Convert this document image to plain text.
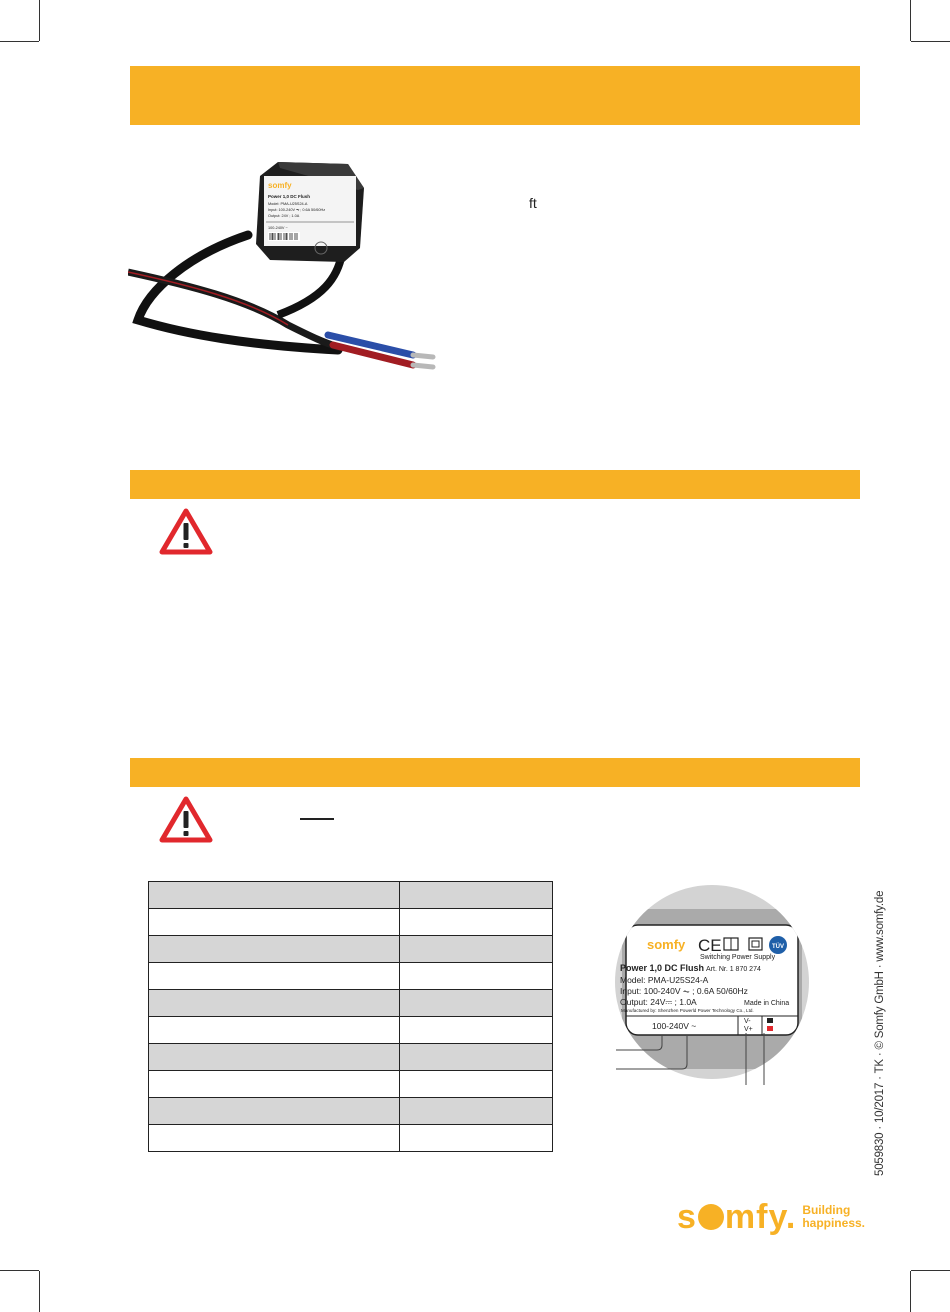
somfy
Power 1,0 DC Flush
Model: PMA-U25S24-A
Input: 100-240V ⏦ ; 0.6A 50/60Hz
Output: 24V ; 1.0A
100-240V ~
ft

somfy CE	TÜV
Switching Power Supply
Power 1,0 DC Flush Art. Nr. 1 870 274
Model: PMA-U25S24-A
Input: 100-240V ⏦ ; 0.6A 50/60Hz
Output: 24V⎓ ; 1.0A	Made in China
Manufactured by: Shenzhen Powerld Power Technology Co., Ltd.
100-240V ~	V-
V+	5059830 · 10/2017 · TK · © Somfy GmbH · www.somfy.de
s mfy. Building
happiness.
